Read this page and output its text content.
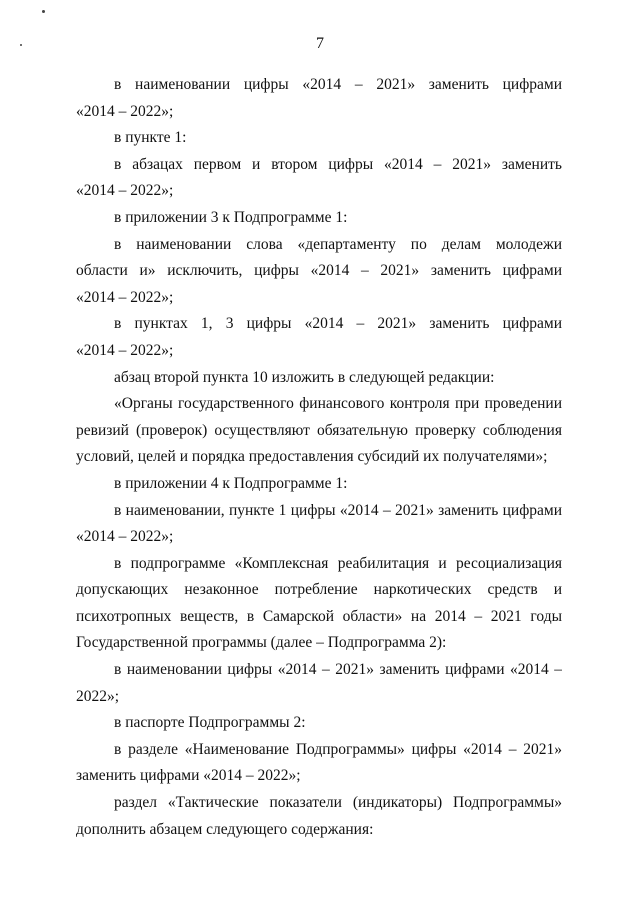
7
в наименовании цифры «2014 – 2021» заменить цифрами
«2014 – 2022»;
в пункте 1:
в абзацах первом и втором цифры «2014 – 2021» заменить
«2014 – 2022»;
в приложении 3 к Подпрограмме 1:
в наименовании слова «департаменту по делам молодежи
области и» исключить, цифры «2014 – 2021» заменить цифрами
«2014 – 2022»;
в пунктах 1, 3 цифры «2014 – 2021» заменить цифрами
«2014 – 2022»;
абзац второй пункта 10 изложить в следующей редакции:
«Органы государственного финансового контроля при проведении
ревизий (проверок) осуществляют обязательную проверку соблюдения
условий, целей и порядка предоставления субсидий их получателями»;
в приложении 4 к Подпрограмме 1:
в наименовании, пункте 1 цифры «2014 – 2021» заменить цифрами
«2014 – 2022»;
в подпрограмме «Комплексная реабилитация и ресоциализация
допускающих незаконное потребление наркотических средств и
психотропных веществ, в Самарской области» на 2014 – 2021 годы
Государственной программы (далее – Подпрограмма 2):
в наименовании цифры «2014 – 2021» заменить цифрами «2014 –
2022»;
в паспорте Подпрограммы 2:
в разделе «Наименование Подпрограммы» цифры «2014 – 2021»
заменить цифрами «2014 – 2022»;
раздел «Тактические показатели (индикаторы) Подпрограммы»
дополнить абзацем следующего содержания:
